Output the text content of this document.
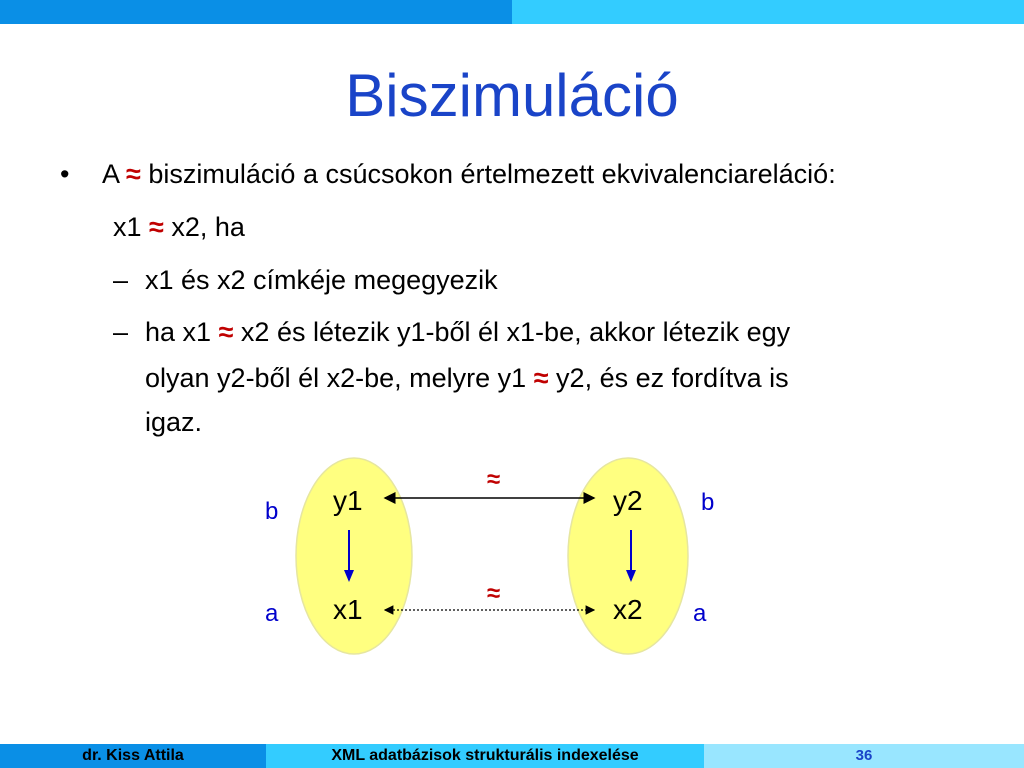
Biszimuláció
• A ≈ biszimuláció a csúcsokon értelmezett ekvivalenciareláció:
x1 ≈ x2, ha
– x1 és x2 címkéje megegyezik
– ha x1 ≈ x2 és létezik y1-ből él x1-be, akkor létezik egy
olyan y2-ből él x2-be, melyre y1 ≈ y2, és ez fordítva is
igaz.
y1
x1
y2
x2
b
a
b
a
≈
≈
dr. Kiss Attila	XML adatbázisok strukturális indexelése	36
